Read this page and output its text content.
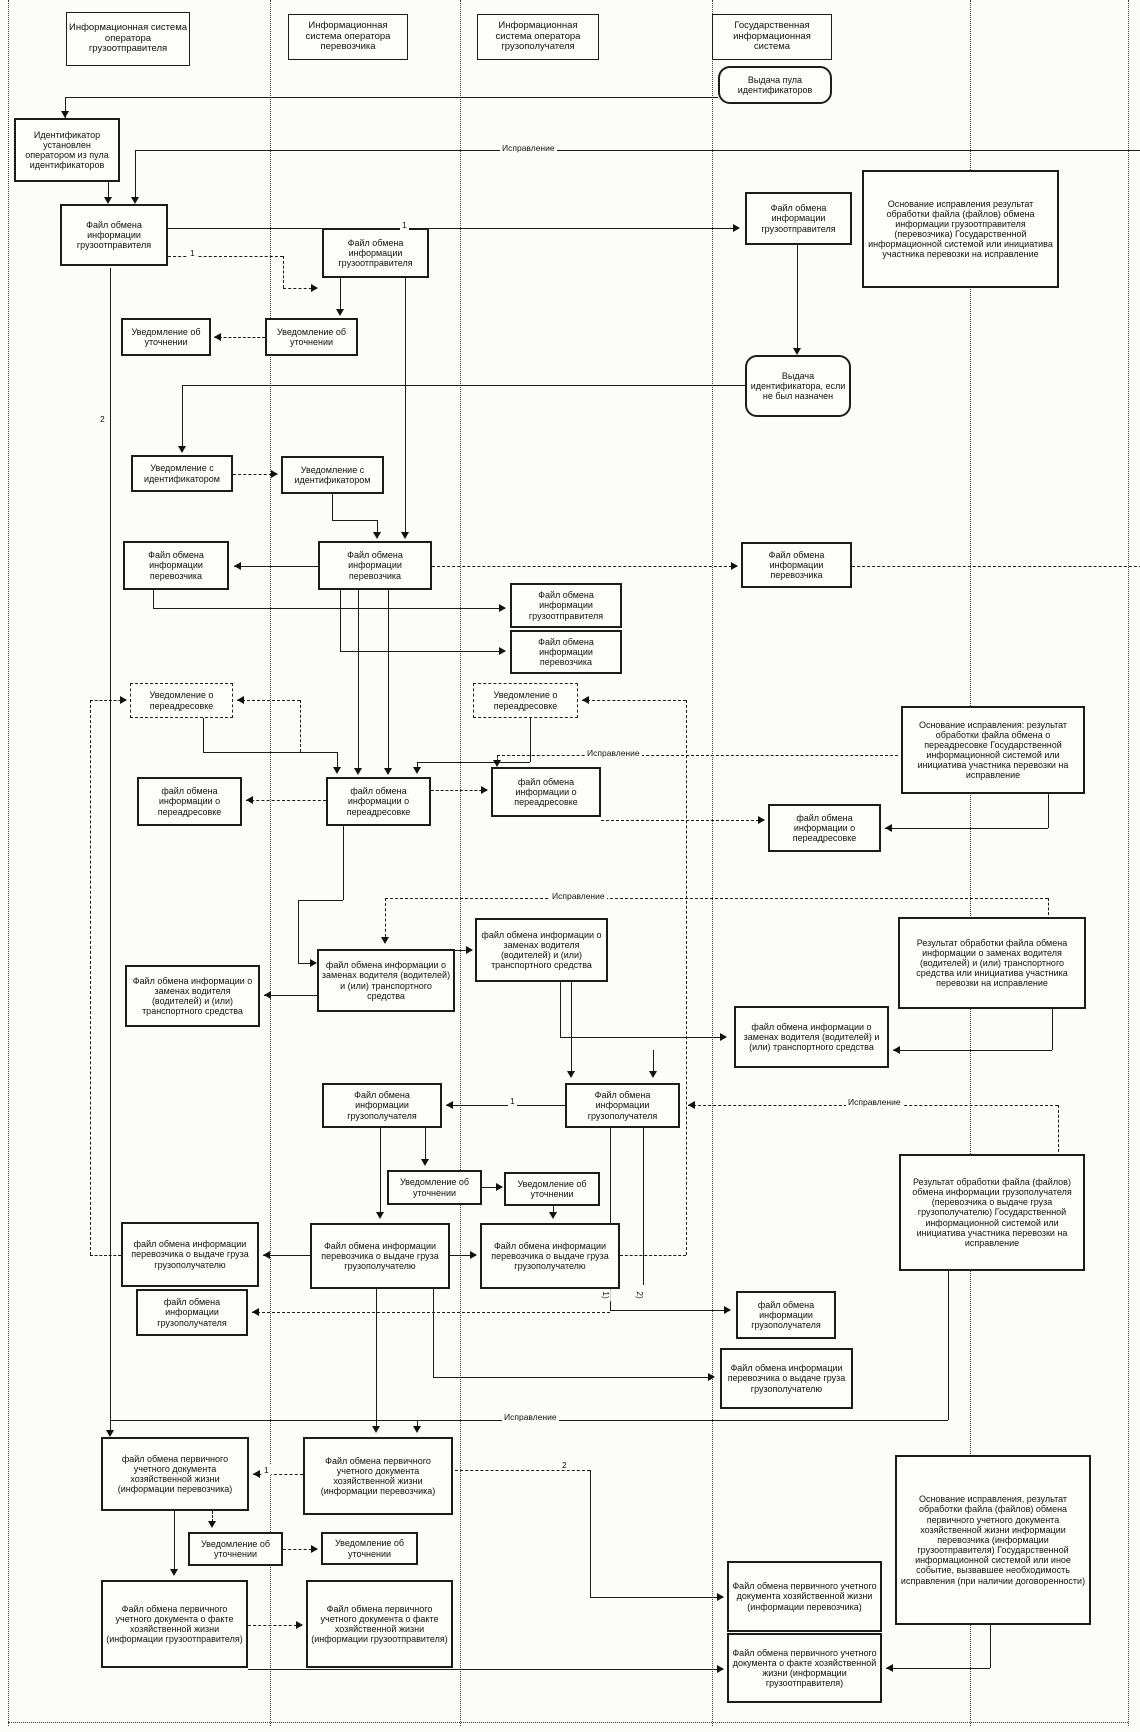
Информационная система оператора грузоотправителя
Информационная система оператора перевозчика
Информационная система оператора грузополучателя
Государственная информационная система
Исправление
Исправление
Исправление
Исправление
Исправление
1
1
2
1
1	2
1)	2)
Выдача пула идентификаторов
Идентификатор установлен оператором из пула идентификаторов
Файл обмена информации грузоотправителя	Файл обмена информации грузоотправителя
Файл обмена информации грузоотправителя
Основание исправления результат обработки файла (файлов) обмена информации грузоотправителя (перевозчика) Государственной информационной системой или инициатива участника перевозки на исправление
Уведомление об уточнении
Уведомление об уточнении
Выдача идентификатора, если не был назначен
Уведомление с идентификатором
Уведомление с идентификатором
Файл обмена информации перевозчика
Файл обмена информации перевозчика
Файл обмена информации перевозчика
Файл обмена информации грузоотправителя
Файл обмена информации перевозчика
Уведомление о переадресовке
Уведомление о переадресовке
файл обмена информации о переадресовке
файл обмена информации о переадресовке
файл обмена информации о переадресовке
файл обмена информации о переадресовке
Основание исправления: результат обработки файла обмена о переадресовке Государственной информационной системой или инициатива участника перевозки на исправление
Файл обмена информации о заменах водителя (водителей) и (или) транспортного средства
файл обмена информации о заменах водителя (водителей) и (или) транспортного средства
файл обмена информации о заменах водителя (водителей) и (или) транспортного средства
файл обмена информации о заменах водителя (водителей) и (или) транспортного средства
Результат обработки файла обмена информации о заменах водителя (водителей) и (или) транспортного средства или инициатива участника перевозки на исправление
Файл обмена информации грузополучателя
Файл обмена информации грузополучателя
Уведомление об уточнении
Уведомление об уточнении
файл обмена информации перевозчика о выдаче груза грузополучателю
Файл обмена информации перевозчика о выдаче груза грузополучателю
Файл обмена информации перевозчика о выдаче груза грузополучателю
файл обмена информации грузополучателя
Результат обработки файла (файлов) обмена информации грузополучателя (перевозчика о выдаче груза грузополучателю) Государственной информационной системой или инициатива участника перевозки на исправление
файл обмена информации грузополучателя
Файл обмена информации перевозчика о выдаче груза грузополучателю
файл обмена первичного учетного документа хозяйственной жизни (информации перевозчика)
Файл обмена первичного учетного документа хозяйственной жизни (информации перевозчика)
Уведомление об уточнении
Уведомление об уточнении
Файл обмена первичного учетного документа о факте хозяйственной жизни (информации грузоотправителя)
Файл обмена первичного учетного документа о факте хозяйственной жизни (информации грузоотправителя)
Файл обмена первичного учетного документа хозяйственной жизни (информации перевозчика)
Файл обмена первичного учетного документа о факте хозяйственной жизни (информации грузоотправителя)
Основание исправления, результат обработки файла (файлов) обмена первичного учетного документа хозяйственной жизни информации перевозчика (информации грузоотправителя) Государственной информационной системой или иное событие, вызвавшее необходимость исправления (при наличии договоренности)
